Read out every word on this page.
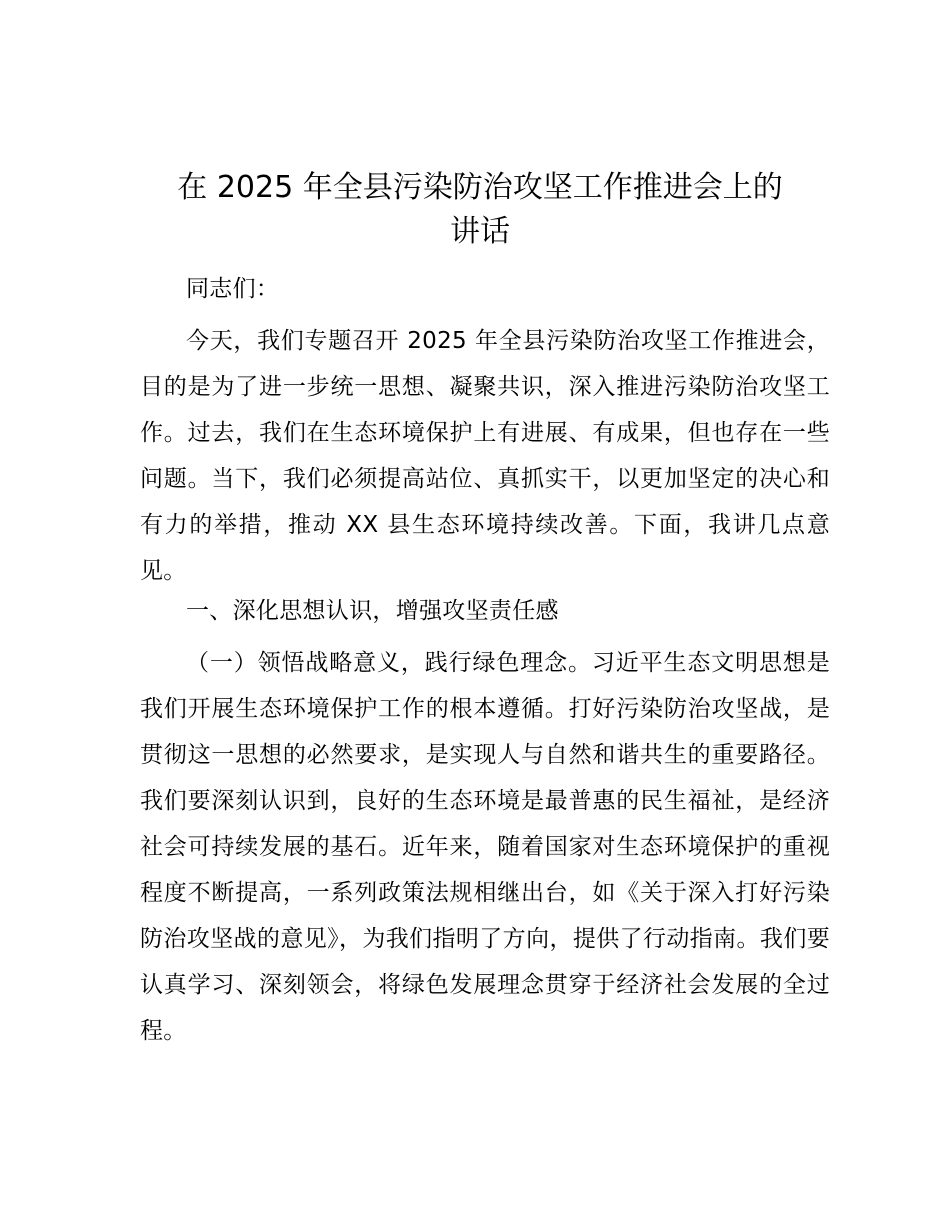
在 2025 年全县污染防治攻坚工作推进会上的
讲话

同志们：

今天，我们专题召开 2025 年全县污染防治攻坚工作推进会，目的是为了进一步统一思想、凝聚共识，深入推进污染防治攻坚工作。过去，我们在生态环境保护上有进展、有成果，但也存在一些问题。当下，我们必须提高站位、真抓实干，以更加坚定的决心和有力的举措，推动 XX 县生态环境持续改善。下面，我讲几点意见。

一、深化思想认识，增强攻坚责任感

（一）领悟战略意义，践行绿色理念。习近平生态文明思想是我们开展生态环境保护工作的根本遵循。打好污染防治攻坚战，是贯彻这一思想的必然要求，是实现人与自然和谐共生的重要路径。我们要深刻认识到，良好的生态环境是最普惠的民生福祉，是经济社会可持续发展的基石。近年来，随着国家对生态环境保护的重视程度不断提高，一系列政策法规相继出台，如《关于深入打好污染防治攻坚战的意见》，为我们指明了方向，提供了行动指南。我们要认真学习、深刻领会，将绿色发展理念贯穿于经济社会发展的全过程。
